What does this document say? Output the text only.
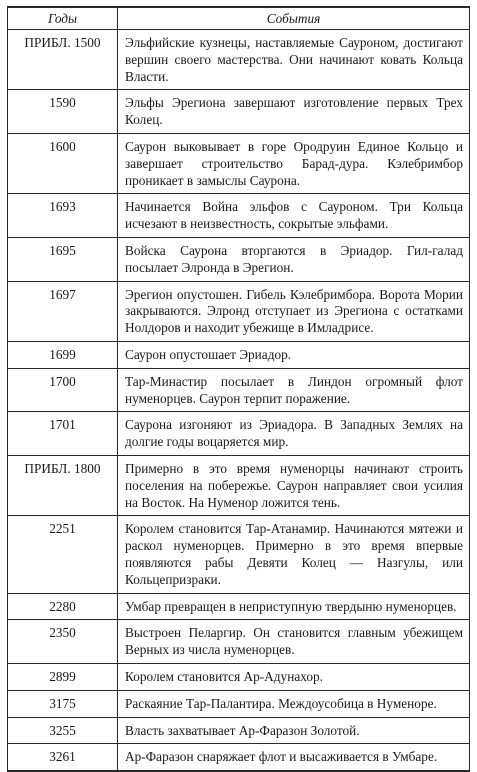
Годы	События
ПРИБЛ. 1500	Эльфийские кузнецы, наставляемые Сауроном, достигают вершин своего мастерства. Они начинают ковать Кольца Власти.
1590	Эльфы Эрегиона завершают изготовление первых Трех Колец.
1600	Саурон выковывает в горе Ородруин Единое Кольцо и завершает строительство Барад-дура. Кэлебримбор проникает в замыслы Саурона.
1693	Начинается Война эльфов с Сауроном. Три Кольца исчезают в неизвестность, сокрытые эльфами.
1695	Войска Саурона вторгаются в Эриадор. Гил-галад посылает Элронда в Эрегион.
1697	Эрегион опустошен. Гибель Кэлебримбора. Ворота Мории закрываются. Элронд отступает из Эрегиона с остатками Нолдоров и находит убежище в Имладрисе.
1699	Саурон опустошает Эриадор.
1700	Тар-Минастир посылает в Линдон огромный флот нуменорцев. Саурон терпит поражение.
1701	Саурона изгоняют из Эриадора. В Западных Землях на долгие годы воцаряется мир.
ПРИБЛ. 1800	Примерно в это время нуменорцы начинают строить поселения на побережье. Саурон направляет свои усилия на Восток. На Нуменор ложится тень.
2251	Королем становится Тар-Атанамир. Начинаются мятежи и раскол нуменорцев. Примерно в это время впервые появляются рабы Девяти Колец — Назгулы, или Кольцепризраки.
2280	Умбар превращен в неприступную твердыню нуменорцев.
2350	Выстроен Пеларгир. Он становится главным убежищем Верных из числа нуменорцев.
2899	Королем становится Ар-Адунахор.
3175	Раскаяние Тар-Палантира. Междоусобица в Нуменоре.
3255	Власть захватывает Ар-Фаразон Золотой.
3261	Ар-Фаразон снаряжает флот и высаживается в Умбаре.
